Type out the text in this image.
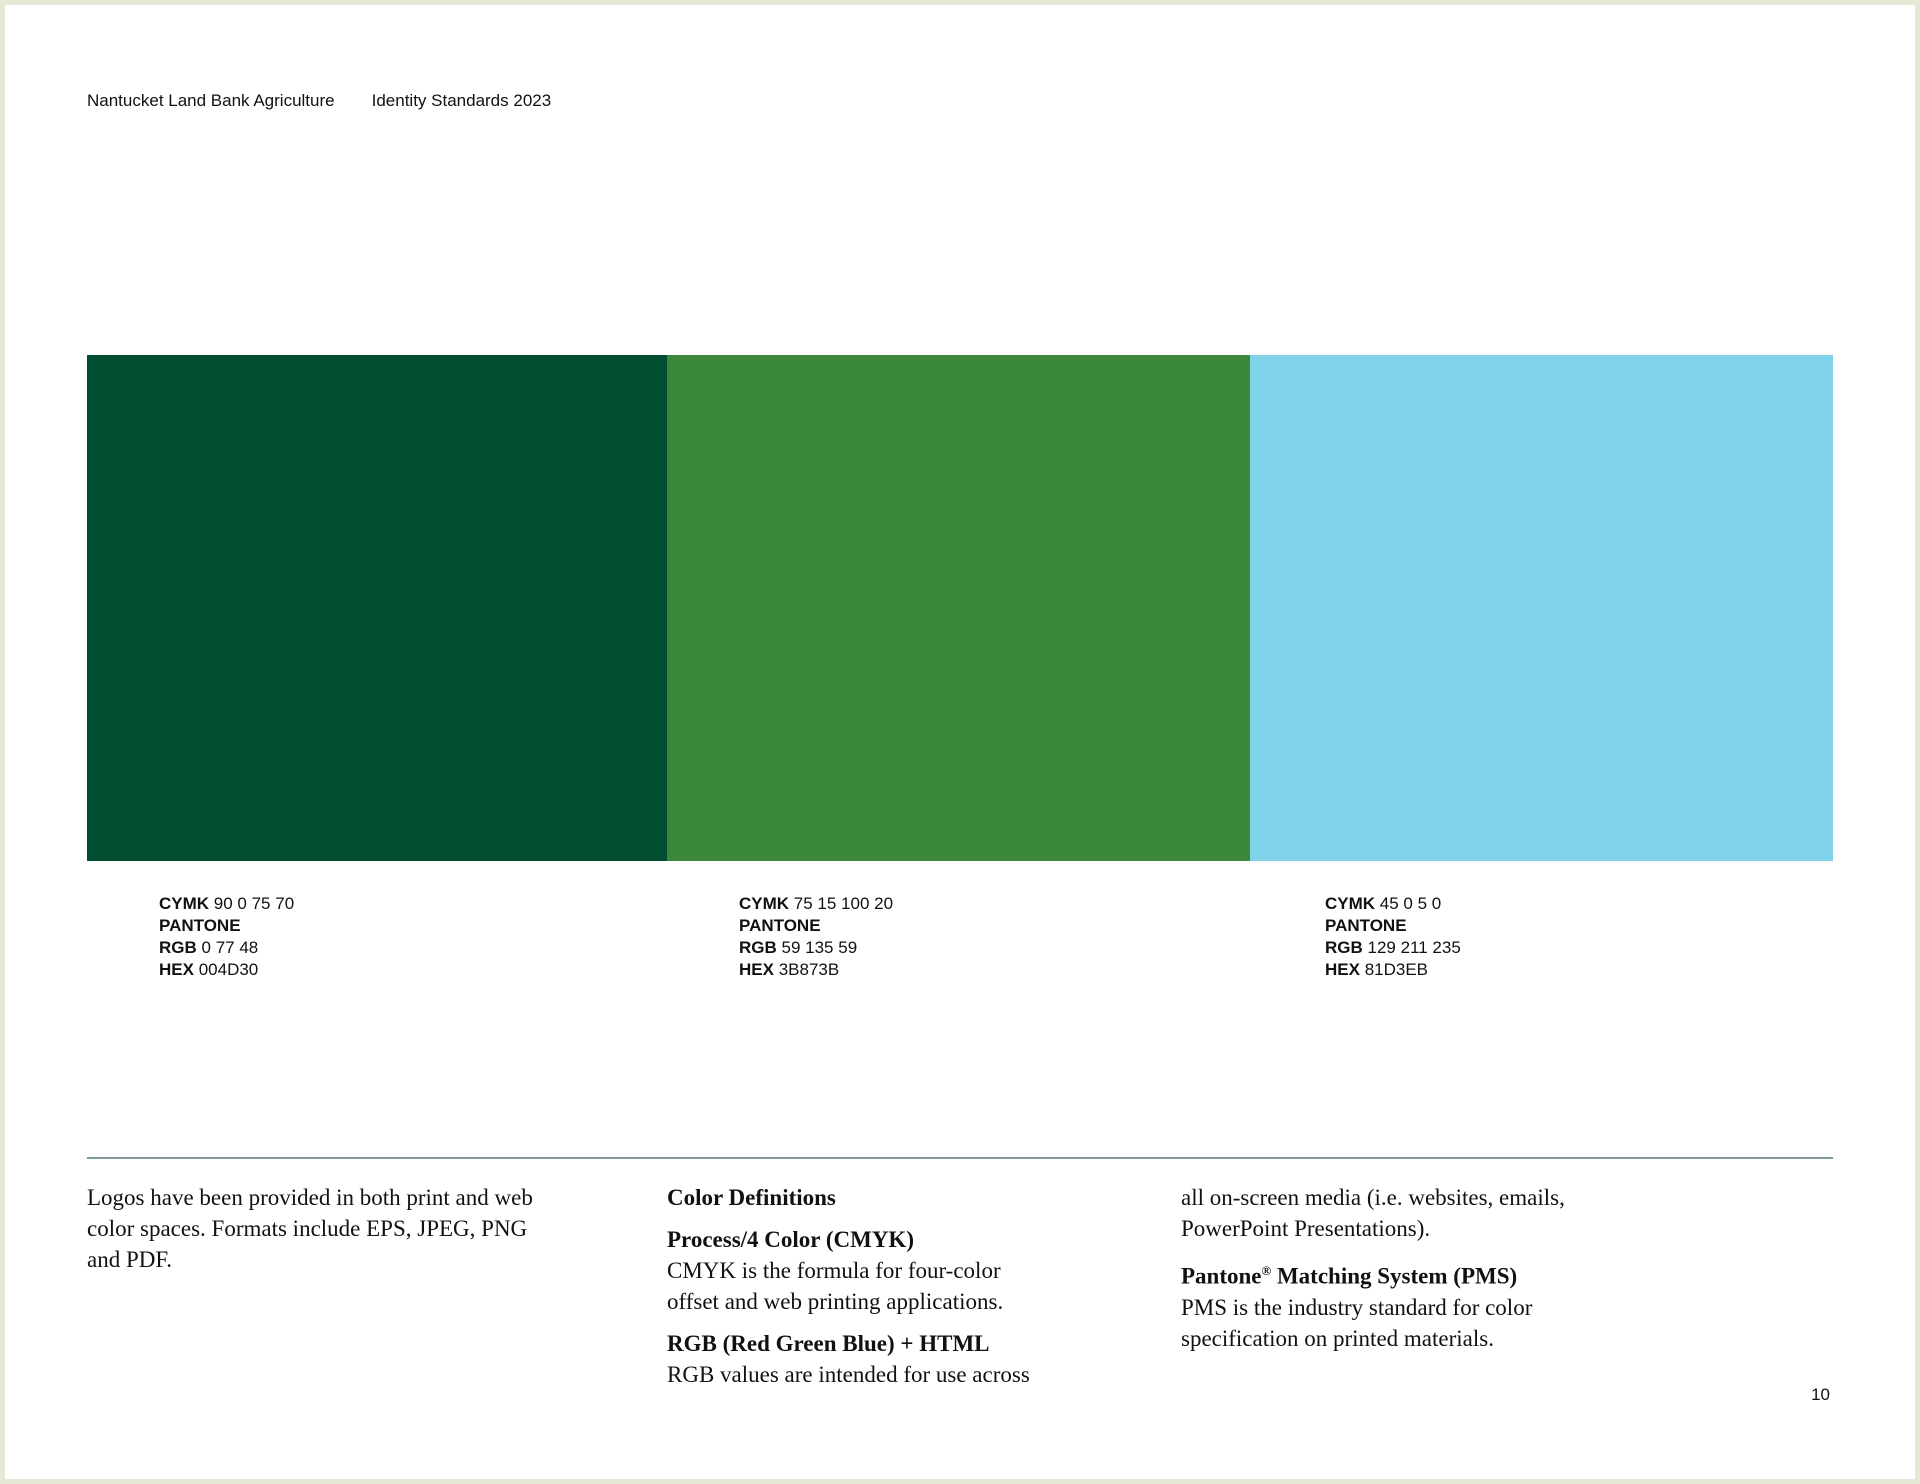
Nantucket Land Bank Agriculture Identity Standards 2023
CYMK 90 0 75 70
PANTONE
RGB 0 77 48
HEX 004D30
CYMK 75 15 100 20
PANTONE
RGB 59 135 59
HEX 3B873B
CYMK 45 0 5 0
PANTONE
RGB 129 211 235
HEX 81D3EB

Logos have been provided in both print and web

color spaces. Formats include EPS, JPEG, PNG

and PDF.

Color Definitions
Process/4 Color (CMYK)

CMYK is the formula for four-color

offset and web printing applications.

RGB (Red Green Blue) + HTML

RGB values are intended for use across

all on-screen media (i.e. websites, emails,

PowerPoint Presentations).

Pantone® Matching System (PMS)

PMS is the industry standard for color

specification on printed materials.

10
